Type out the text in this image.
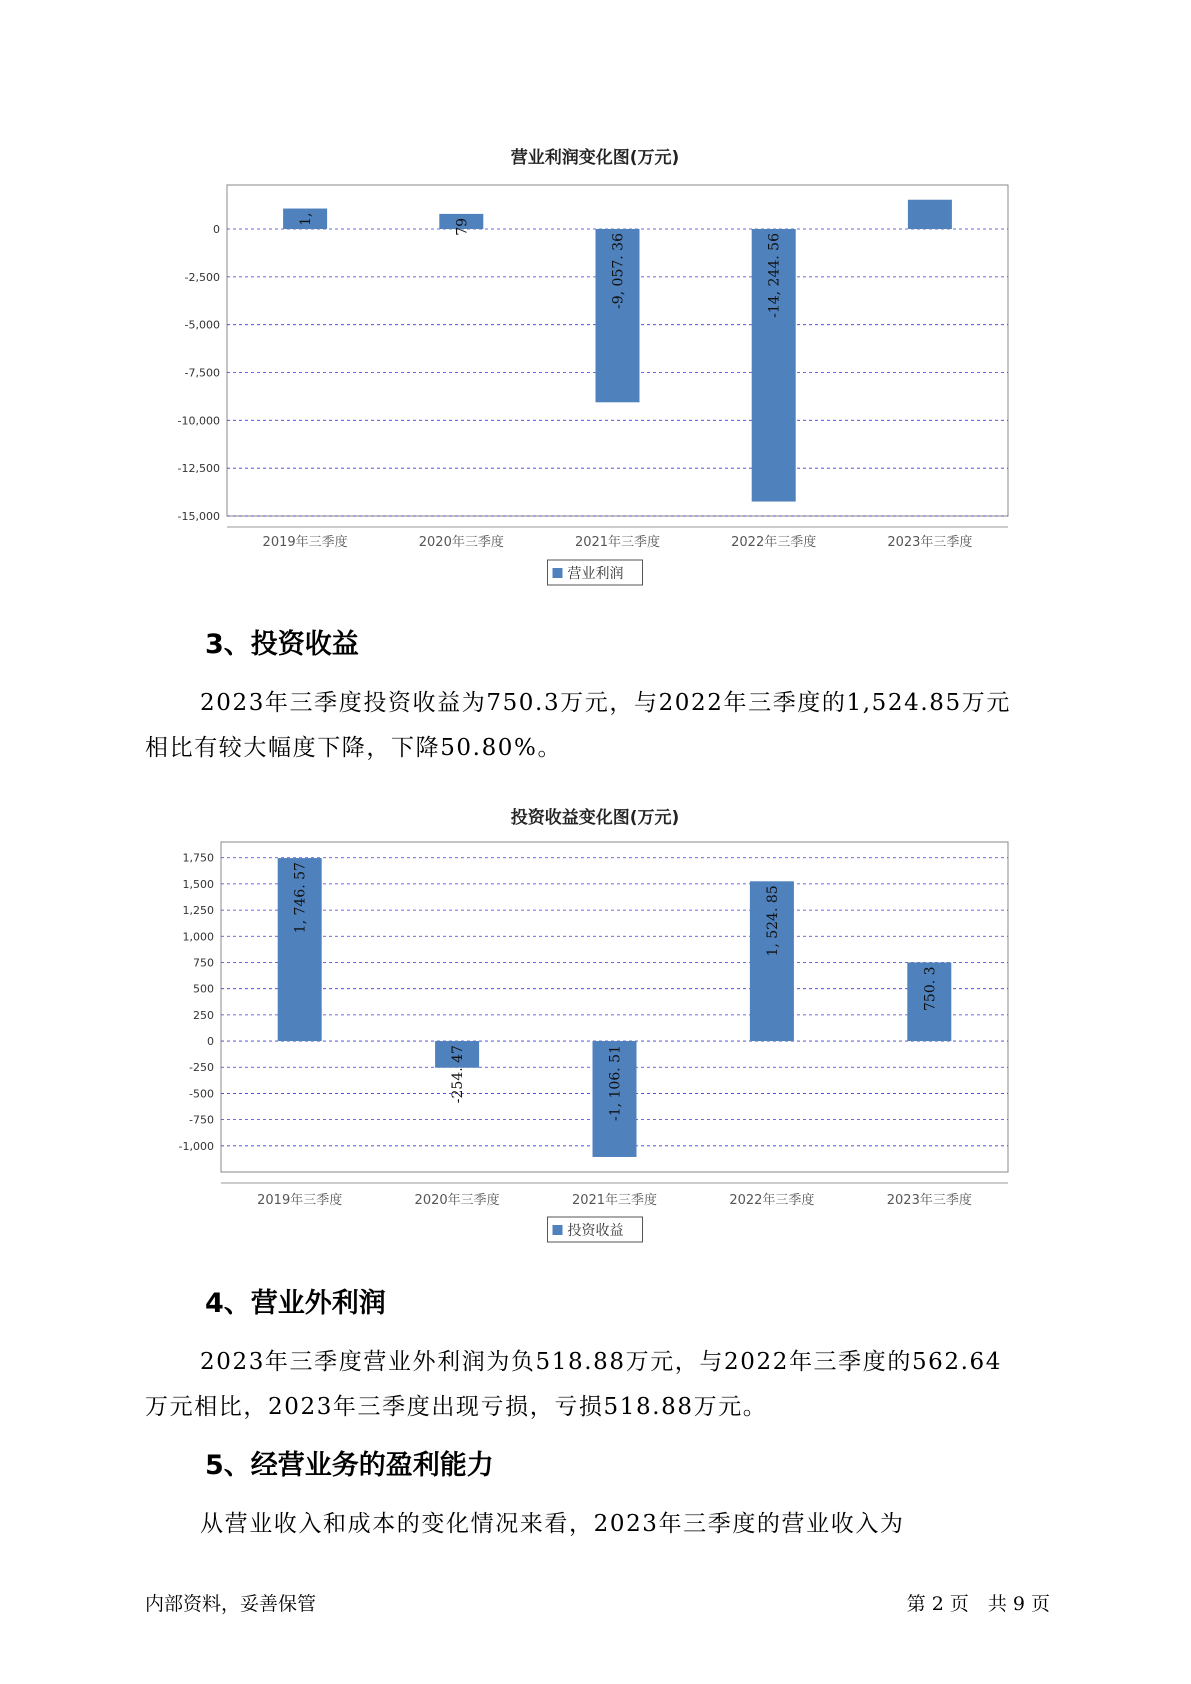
营业利润变化图(万元)
0
-2,500
-5,000
-7,500
-10,000
-12,500
-15,000
1,
2019年三季度
79
2020年三季度
-9, 057. 36
2021年三季度
-14, 244. 56
2022年三季度	2023年三季度
营业利润
3、投资收益

2023年三季度投资收益为750.3万元，与2022年三季度的1,524.85万元

相比有较大幅度下降，下降50.80%。

投资收益变化图(万元)
1,750
1,500
1,250
1,000
750
500
250
0
-250
-500
-750
-1,000
1, 746. 57
2019年三季度
-254. 47
2020年三季度
-1, 106. 51
2021年三季度
1, 524. 85
2022年三季度
750. 3
2023年三季度
投资收益
4、营业外利润

2023年三季度营业外利润为负518.88万元，与2022年三季度的562.64

万元相比，2023年三季度出现亏损，亏损518.88万元。

5、经营业务的盈利能力

从营业收入和成本的变化情况来看，2023年三季度的营业收入为

内部资料，妥善保管	第 2 页　共 9 页
